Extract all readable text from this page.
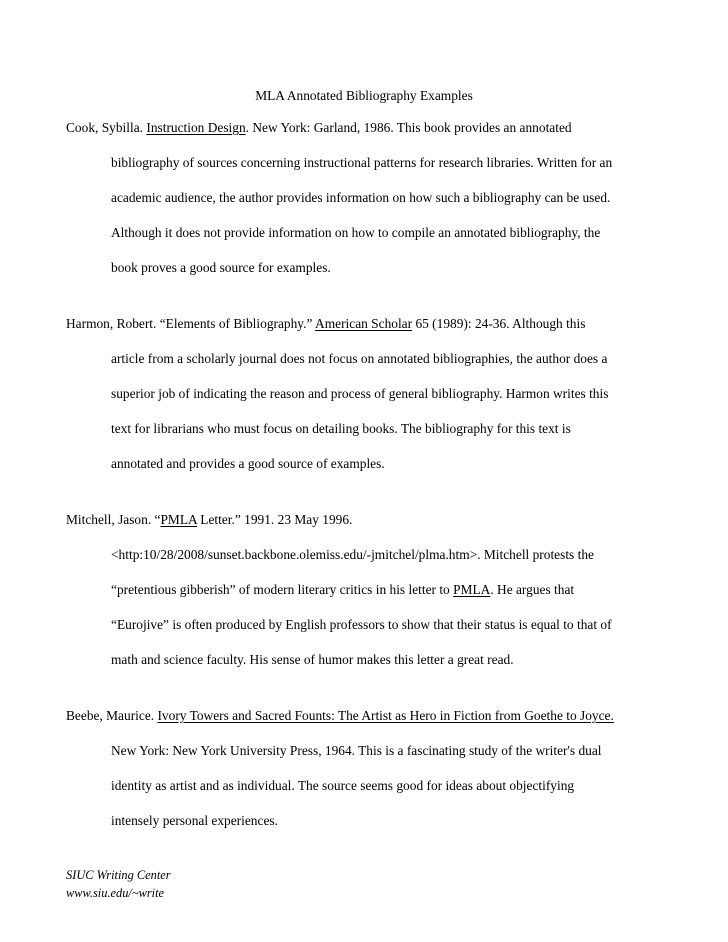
MLA Annotated Bibliography Examples
Cook, Sybilla. Instruction Design. New York: Garland, 1986. This book provides an annotated
bibliography of sources concerning instructional patterns for research libraries. Written for an
academic audience, the author provides information on how such a bibliography can be used.
Although it does not provide information on how to compile an annotated bibliography, the
book proves a good source for examples.
Harmon, Robert. “Elements of Bibliography.” American Scholar 65 (1989): 24-36. Although this
article from a scholarly journal does not focus on annotated bibliographies, the author does a
superior job of indicating the reason and process of general bibliography. Harmon writes this
text for librarians who must focus on detailing books. The bibliography for this text is
annotated and provides a good source of examples.
Mitchell, Jason. “PMLA Letter.” 1991. 23 May 1996.
<http:10/28/2008/sunset.backbone.olemiss.edu/-jmitchel/plma.htm>. Mitchell protests the
“pretentious gibberish” of modern literary critics in his letter to PMLA. He argues that
“Eurojive” is often produced by English professors to show that their status is equal to that of
math and science faculty. His sense of humor makes this letter a great read.
Beebe, Maurice. Ivory Towers and Sacred Founts: The Artist as Hero in Fiction from Goethe to Joyce.
New York: New York University Press, 1964. This is a fascinating study of the writer's dual
identity as artist and as individual. The source seems good for ideas about objectifying
intensely personal experiences.
SIUC Writing Center
www.siu.edu/~write
